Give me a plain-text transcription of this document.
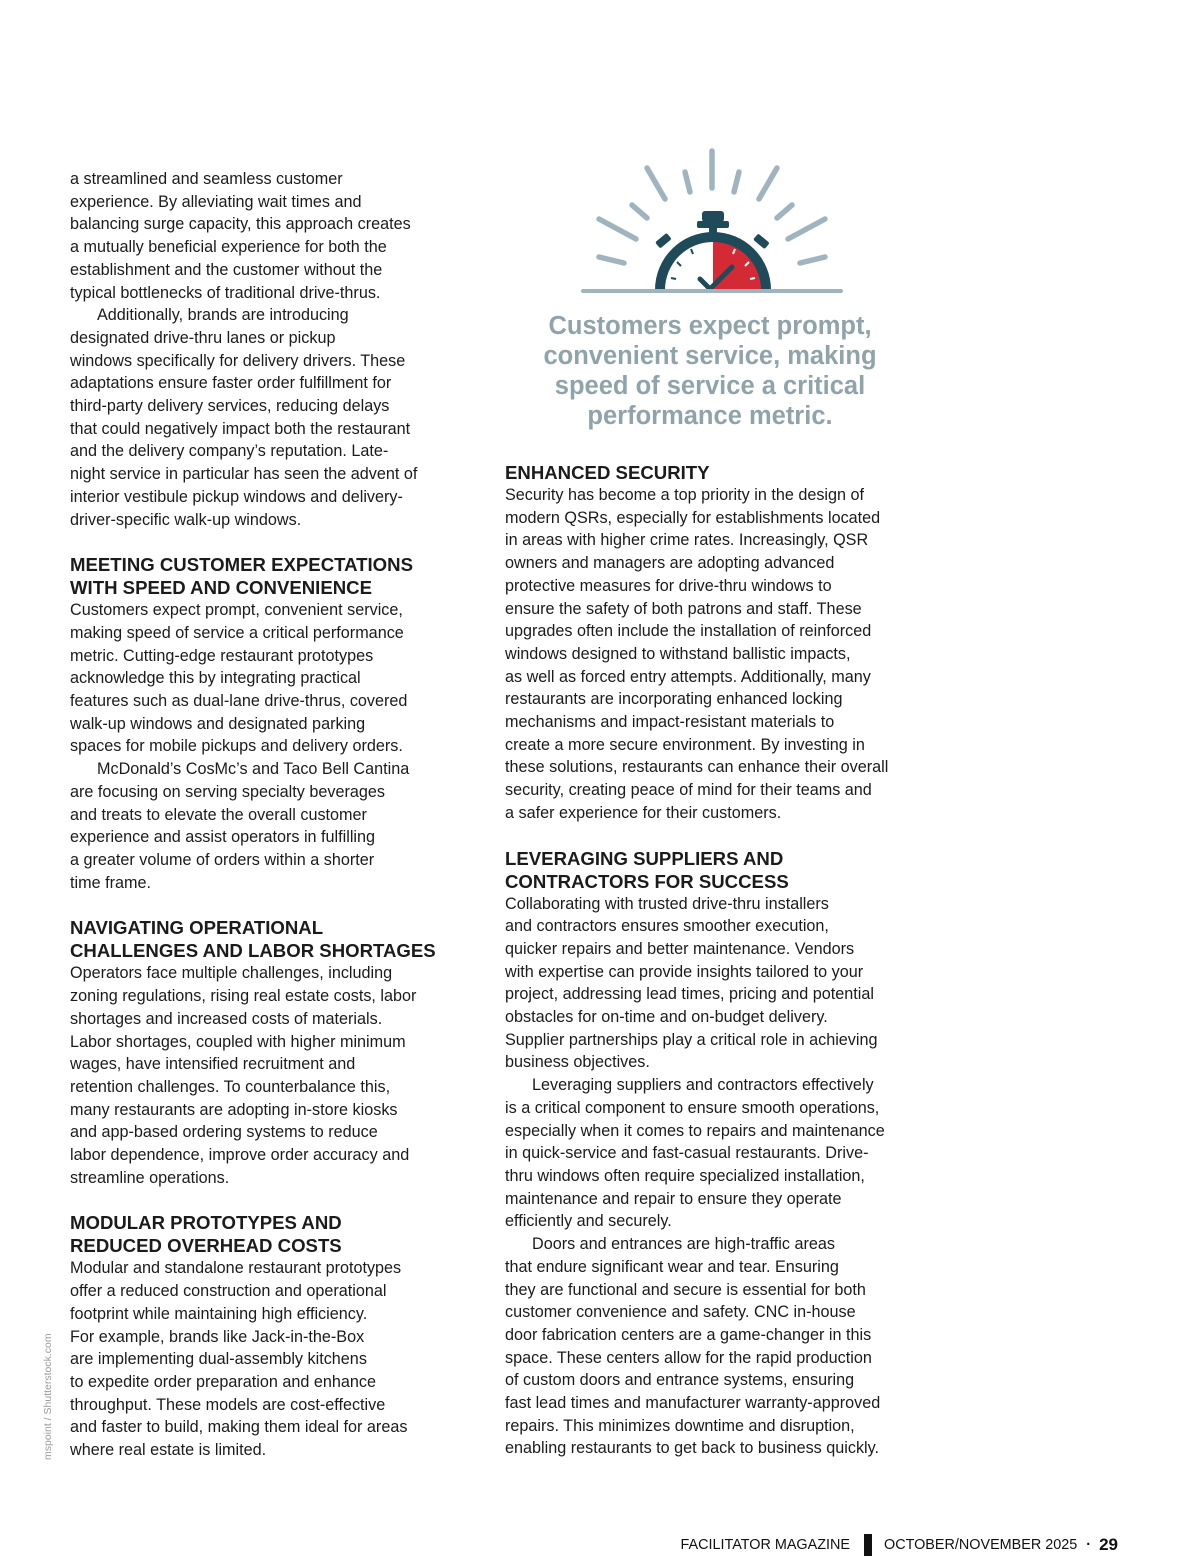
a streamlined and seamless customer
experience. By alleviating wait times and
balancing surge capacity, this approach creates
a mutually beneficial experience for both the
establishment and the customer without the
typical bottlenecks of traditional drive-thrus.
Additionally, brands are introducing
designated drive-thru lanes or pickup
windows specifically for delivery drivers. These
adaptations ensure faster order fulfillment for
third-party delivery services, reducing delays
that could negatively impact both the restaurant
and the delivery company’s reputation. Late-
night service in particular has seen the advent of
interior vestibule pickup windows and delivery-
driver-specific walk-up windows.
MEETING CUSTOMER EXPECTATIONS
WITH SPEED AND CONVENIENCE
Customers expect prompt, convenient service,
making speed of service a critical performance
metric. Cutting-edge restaurant prototypes
acknowledge this by integrating practical
features such as dual-lane drive-thrus, covered
walk-up windows and designated parking
spaces for mobile pickups and delivery orders.
McDonald’s CosMc’s and Taco Bell Cantina
are focusing on serving specialty beverages
and treats to elevate the overall customer
experience and assist operators in fulfilling
a greater volume of orders within a shorter
time frame.
NAVIGATING OPERATIONAL
CHALLENGES AND LABOR SHORTAGES
Operators face multiple challenges, including
zoning regulations, rising real estate costs, labor
shortages and increased costs of materials.
Labor shortages, coupled with higher minimum
wages, have intensified recruitment and
retention challenges. To counterbalance this,
many restaurants are adopting in-store kiosks
and app-based ordering systems to reduce
labor dependence, improve order accuracy and
streamline operations.
MODULAR PROTOTYPES AND
REDUCED OVERHEAD COSTS
Modular and standalone restaurant prototypes
offer a reduced construction and operational
footprint while maintaining high efficiency.
For example, brands like Jack-in-the-Box
are implementing dual-assembly kitchens
to expedite order preparation and enhance
throughput. These models are cost-effective
and faster to build, making them ideal for areas
where real estate is limited.
Customers expect prompt,
convenient service, making
speed of service a critical
performance metric.
ENHANCED SECURITY
Security has become a top priority in the design of
modern QSRs, especially for establishments located
in areas with higher crime rates. Increasingly, QSR
owners and managers are adopting advanced
protective measures for drive-thru windows to
ensure the safety of both patrons and staff. These
upgrades often include the installation of reinforced
windows designed to withstand ballistic impacts,
as well as forced entry attempts. Additionally, many
restaurants are incorporating enhanced locking
mechanisms and impact-resistant materials to
create a more secure environment. By investing in
these solutions, restaurants can enhance their overall
security, creating peace of mind for their teams and
a safer experience for their customers.
LEVERAGING SUPPLIERS AND
CONTRACTORS FOR SUCCESS
Collaborating with trusted drive-thru installers
and contractors ensures smoother execution,
quicker repairs and better maintenance. Vendors
with expertise can provide insights tailored to your
project, addressing lead times, pricing and potential
obstacles for on-time and on-budget delivery.
Supplier partnerships play a critical role in achieving
business objectives.
Leveraging suppliers and contractors effectively
is a critical component to ensure smooth operations,
especially when it comes to repairs and maintenance
in quick-service and fast-casual restaurants. Drive-
thru windows often require specialized installation,
maintenance and repair to ensure they operate
efficiently and securely.
Doors and entrances are high-traffic areas
that endure significant wear and tear. Ensuring
they are functional and secure is essential for both
customer convenience and safety. CNC in-house
door fabrication centers are a game-changer in this
space. These centers allow for the rapid production
of custom doors and entrance systems, ensuring
fast lead times and manufacturer warranty-approved
repairs. This minimizes downtime and disruption,
enabling restaurants to get back to business quickly.
mspoint / Shutterstock.com
FACILITATOR MAGAZINE OCTOBER/NOVEMBER 2025 · 29
